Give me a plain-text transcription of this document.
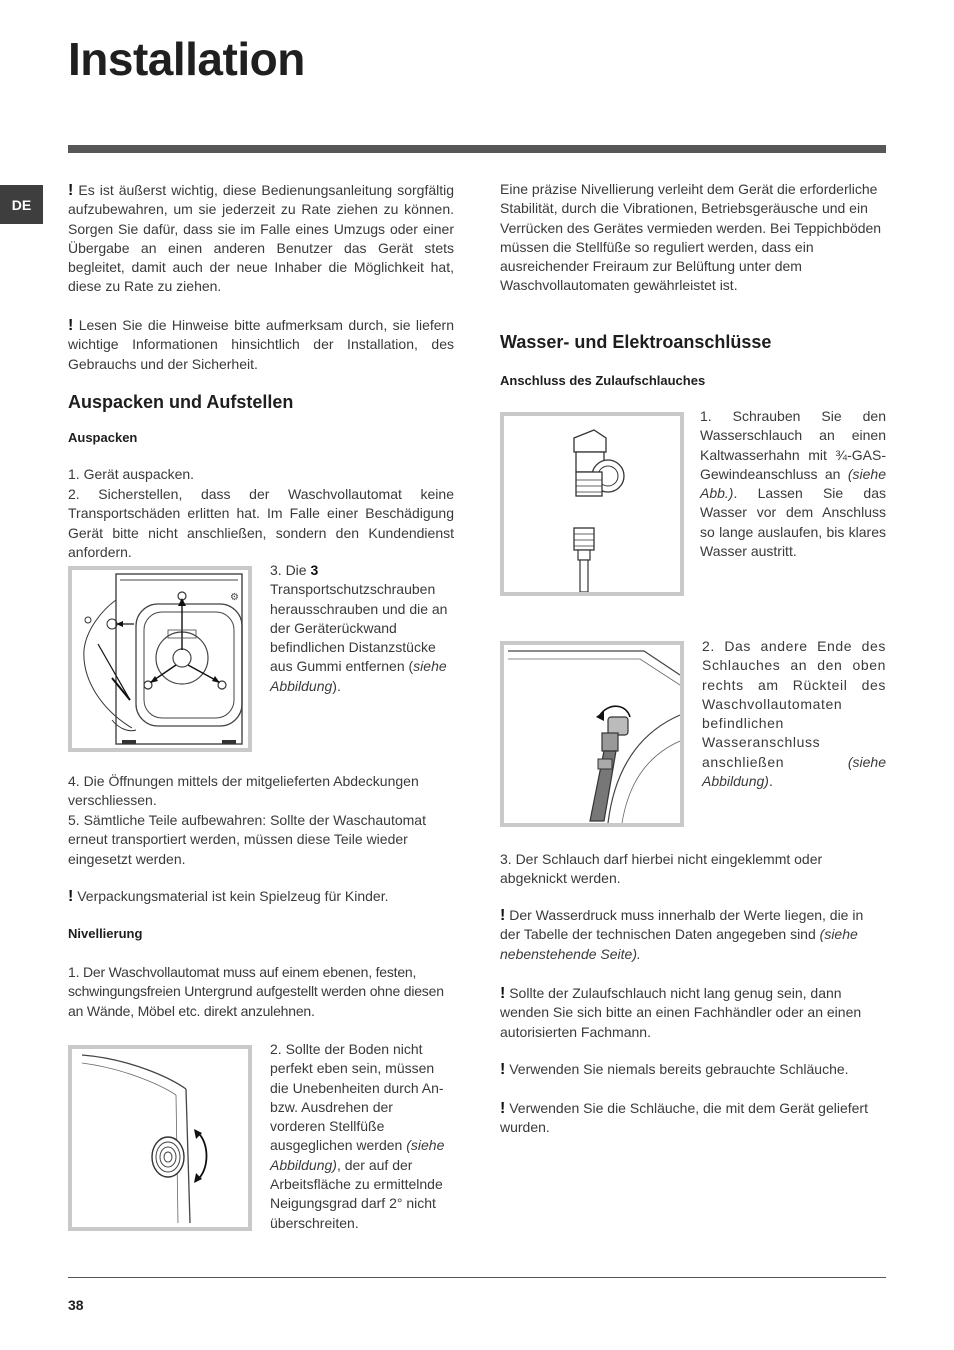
Installation
DE

! Es ist äußerst wichtig, diese Bedienungsanleitung sorgfältig aufzubewahren, um sie jederzeit zu Rate ziehen zu können. Sorgen Sie dafür, dass sie im Falle eines Umzugs oder einer Übergabe an einen anderen Benutzer das Gerät stets begleitet, damit auch der neue Inhaber die Möglichkeit hat, diese zu Rate zu ziehen.

! Lesen Sie die Hinweise bitte aufmerksam durch, sie liefern wichtige Informationen hinsichtlich der Installation, des Gebrauchs und der Sicherheit.

Auspacken und Aufstellen
Auspacken
1. Gerät auspacken.
2. Sicherstellen, dass der Waschvollautomat keine Transportschäden erlitten hat. Im Falle einer Beschädigung Gerät bitte nicht anschließen, sondern den Kundendienst anfordern.
⚙
3. Die 3 Transportschutzschrauben herausschrauben und die an der Geräterückwand befindlichen Distanzstücke aus Gummi entfernen (siehe Abbildung).
4. Die Öffnungen mittels der mitgelieferten Abdeckungen verschliessen.
5. Sämtliche Teile aufbewahren: Sollte der Waschautomat erneut transportiert werden, müssen diese Teile wieder eingesetzt werden.

! Verpackungsmaterial ist kein Spielzeug für Kinder.

Nivellierung
1. Der Waschvollautomat muss auf einem ebenen, festen, schwingungsfreien Untergrund aufgestellt werden ohne diesen an Wände, Möbel etc. direkt anzulehnen.
2. Sollte der Boden nicht perfekt eben sein, müssen die Unebenheiten durch An- bzw. Ausdrehen der vorderen Stellfüße ausgeglichen werden (siehe Abbildung), der auf der Arbeitsfläche zu ermittelnde Neigungsgrad darf 2° nicht überschreiten.
Eine präzise Nivellierung verleiht dem Gerät die erforderliche Stabilität, durch die Vibrationen, Betriebsgeräusche und ein Verrücken des Gerätes vermieden werden. Bei Teppichböden müssen die Stellfüße so reguliert werden, dass ein ausreichender Freiraum zur Belüftung unter dem Waschvollautomaten gewährleistet ist.
Wasser- und Elektroanschlüsse
Anschluss des Zulaufschlauches
1. Schrauben Sie den Wasserschlauch an einen Kaltwasserhahn mit ¾-GAS-Gewindeanschluss an (siehe Abb.). Lassen Sie das Wasser vor dem Anschluss so lange auslaufen, bis klares Wasser austritt.
2. Das andere Ende des Schlauches an den oben rechts am Rückteil des Waschvollautomaten befindlichen Wasseranschluss anschließen (siehe Abbildung).
3. Der Schlauch darf hierbei nicht eingeklemmt oder abgeknickt werden.

! Der Wasserdruck muss innerhalb der Werte liegen, die in der Tabelle der technischen Daten angegeben sind (siehe nebenstehende Seite).

! Sollte der Zulaufschlauch nicht lang genug sein, dann wenden Sie sich bitte an einen Fachhändler oder an einen autorisierten Fachmann.

! Verwenden Sie niemals bereits gebrauchte Schläuche.

! Verwenden Sie die Schläuche, die mit dem Gerät geliefert wurden.

38
